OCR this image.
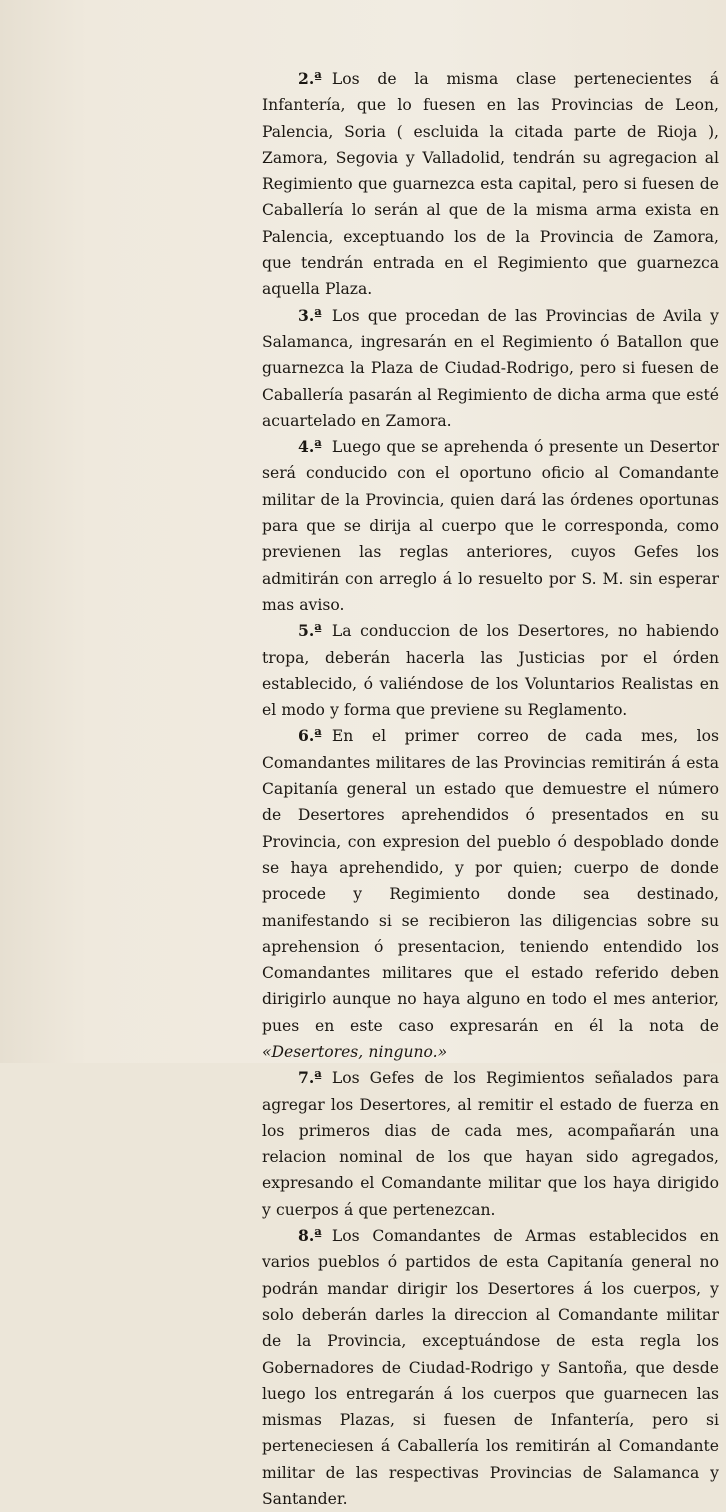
2.ª Los de la misma clase pertenecientes á Infantería, que lo fuesen en las Provincias de Leon, Palencia, Soria ( escluida la citada parte de Rioja ), Zamora, Segovia y Valladolid, tendrán su agregacion al Regimiento que guarnezca esta capital, pero si fuesen de Caballería lo serán al que de la misma arma exista en Palencia, exceptuando los de la Provincia de Zamora, que tendrán entrada en el Regimiento que guarnezca aquella Plaza.

3.ª Los que procedan de las Provincias de Avila y Salamanca, ingresarán en el Regimiento ó Batallon que guarnezca la Plaza de Ciudad-Rodrigo, pero si fuesen de Caballería pasarán al Regimiento de dicha arma que esté acuartelado en Zamora.

4.ª Luego que se aprehenda ó presente un Desertor será conducido con el oportuno oficio al Comandante militar de la Provincia, quien dará las órdenes oportunas para que se dirija al cuerpo que le corresponda, como previenen las reglas anteriores, cuyos Gefes los admitirán con arreglo á lo resuelto por S. M. sin esperar mas aviso.

5.ª La conduccion de los Desertores, no habiendo tropa, deberán hacerla las Justicias por el órden establecido, ó valiéndose de los Voluntarios Realistas en el modo y forma que previene su Reglamento.

6.ª En el primer correo de cada mes, los Comandantes militares de las Provincias remitirán á esta Capitanía general un estado que demuestre el número de Desertores aprehendidos ó presentados en su Provincia, con expresion del pueblo ó despoblado donde se haya aprehendido, y por quien; cuerpo de donde procede y Regimiento donde sea destinado, manifestando si se recibieron las diligencias sobre su aprehension ó presentacion, teniendo entendido los Comandantes militares que el estado referido deben dirigirlo aunque no haya alguno en todo el mes anterior, pues en este caso expresarán en él la nota de «Desertores, ninguno.»

7.ª Los Gefes de los Regimientos señalados para agregar los Desertores, al remitir el estado de fuerza en los primeros dias de cada mes, acompañarán una relacion nominal de los que hayan sido agregados, expresando el Comandante militar que los haya dirigido y cuerpos á que pertenezcan.

8.ª Los Comandantes de Armas establecidos en varios pueblos ó partidos de esta Capitanía general no podrán mandar dirigir los Desertores á los cuerpos, y solo deberán darles la direccion al Comandante militar de la Provincia, exceptuándose de esta regla los Gobernadores de Ciudad-Rodrigo y Santoña, que desde luego los entregarán á los cuerpos que guarnecen las mismas Plazas, si fuesen de Infantería, pero si perteneciesen á Caballería los remitirán al Comandante militar de las respectivas Provincias de Salamanca y Santander.
